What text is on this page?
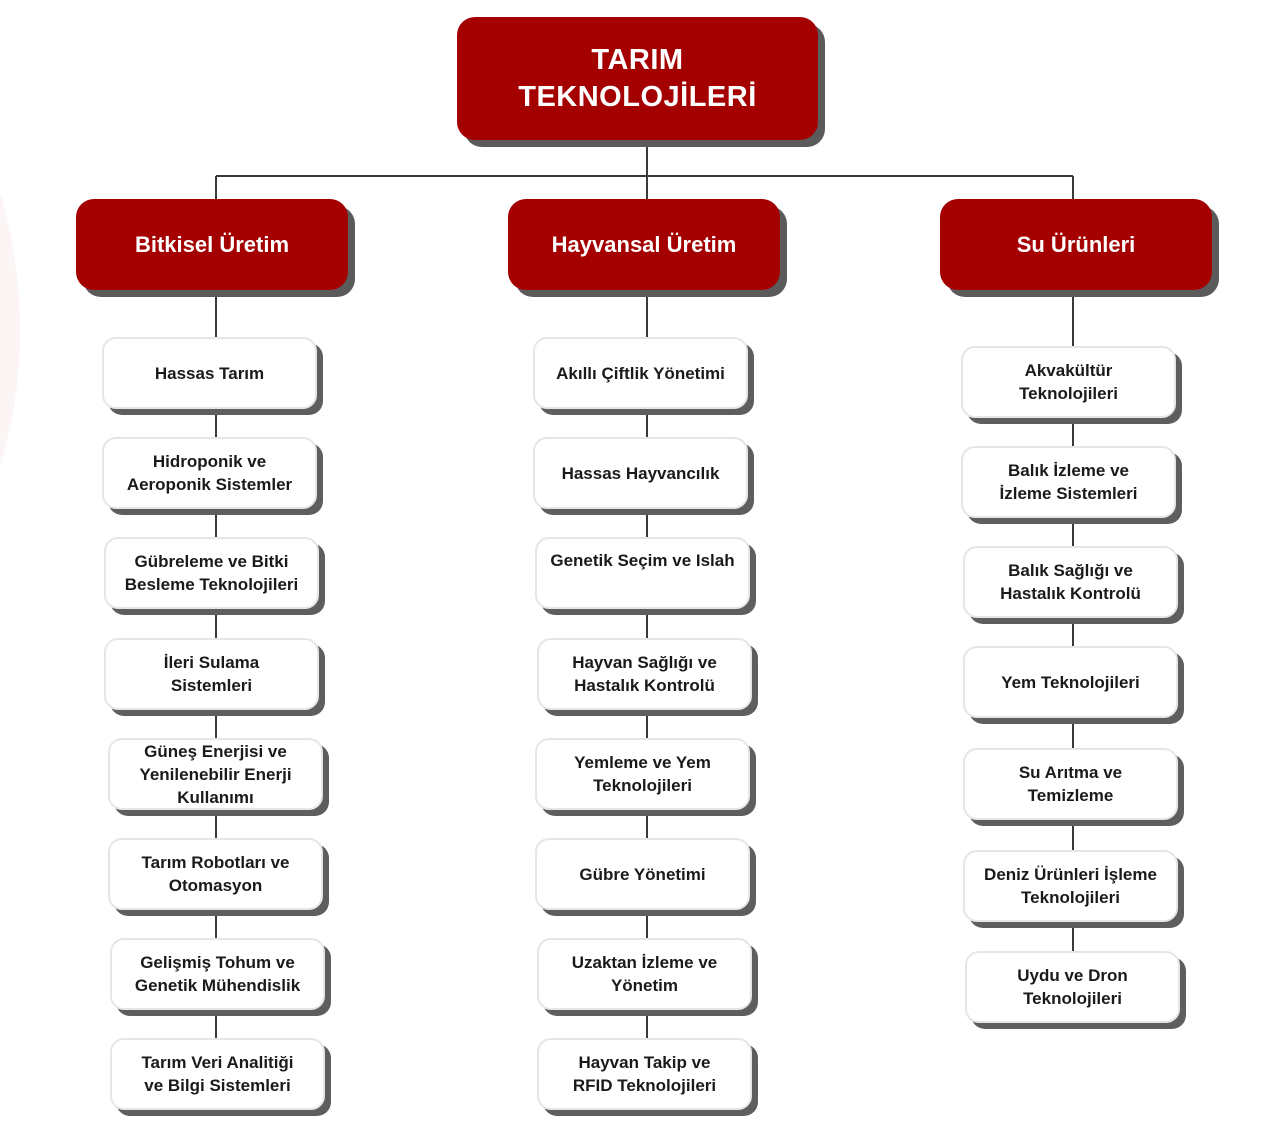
TARIM
TEKNOLOJİLERİ
Bitkisel Üretim	Hayvansal Üretim	Su Ürünleri
Hassas Tarım
Hidroponik ve
Aeroponik Sistemler
Gübreleme ve Bitki
Besleme Teknolojileri
İleri Sulama
Sistemleri
Güneş Enerjisi ve
Yenilenebilir Enerji
Kullanımı
Tarım Robotları ve
Otomasyon
Gelişmiş Tohum ve
Genetik Mühendislik
Tarım Veri Analitiği
ve Bilgi Sistemleri
Akıllı Çiftlik Yönetimi
Hassas Hayvancılık
Genetik Seçim ve Islah
Hayvan Sağlığı ve
Hastalık Kontrolü
Yemleme ve Yem
Teknolojileri
Gübre Yönetimi
Uzaktan İzleme ve
Yönetim
Hayvan Takip ve
RFID Teknolojileri
Akvakültür
Teknolojileri
Balık İzleme ve
İzleme Sistemleri
Balık Sağlığı ve
Hastalık Kontrolü
Yem Teknolojileri
Su Arıtma ve
Temizleme
Deniz Ürünleri İşleme
Teknolojileri
Uydu ve Dron
Teknolojileri
